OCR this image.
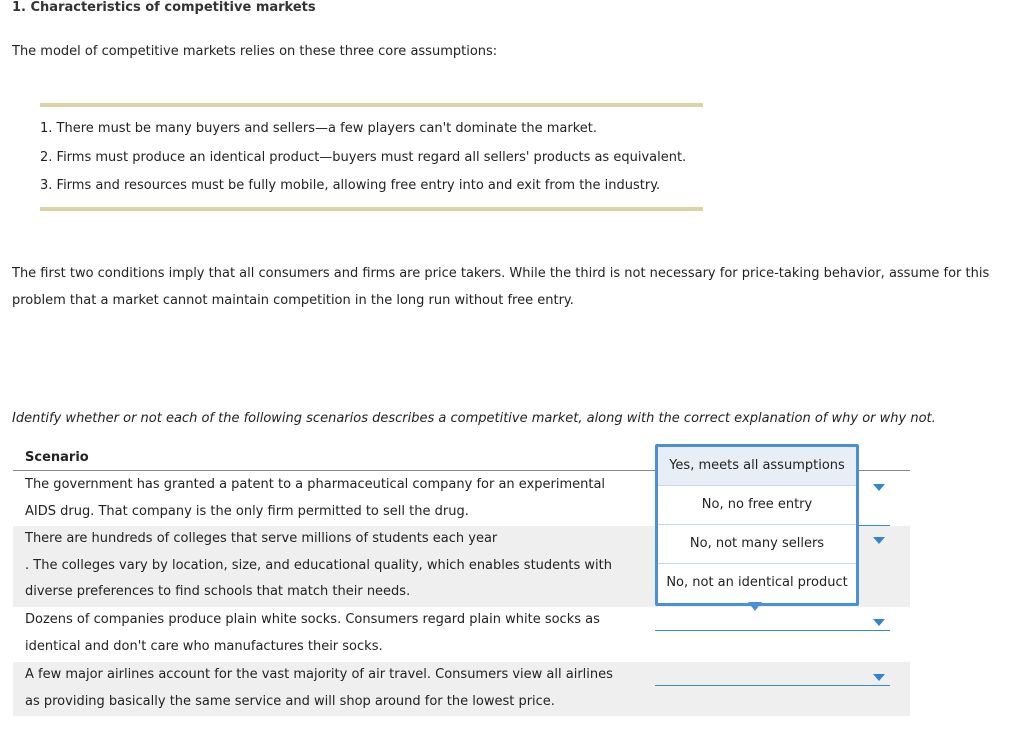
1. Characteristics of competitive markets
The model of competitive markets relies on these three core assumptions:
1. There must be many buyers and sellers—a few players can't dominate the market.
2. Firms must produce an identical product—buyers must regard all sellers' products as equivalent.
3. Firms and resources must be fully mobile, allowing free entry into and exit from the industry.
The first two conditions imply that all consumers and firms are price takers. While the third is not necessary for price-taking behavior, assume for this
problem that a market cannot maintain competition in the long run without free entry.
Identify whether or not each of the following scenarios describes a competitive market, along with the correct explanation of why or why not.
Scenario
The government has granted a patent to a pharmaceutical company for an experimental
AIDS drug. That company is the only firm permitted to sell the drug.
There are hundreds of colleges that serve millions of students each year
. The colleges vary by location, size, and educational quality, which enables students with
diverse preferences to find schools that match their needs.
Dozens of companies produce plain white socks. Consumers regard plain white socks as
identical and don't care who manufactures their socks.
A few major airlines account for the vast majority of air travel. Consumers view all airlines
as providing basically the same service and will shop around for the lowest price.
Yes, meets all assumptions
No, no free entry
No, not many sellers
No, not an identical product
